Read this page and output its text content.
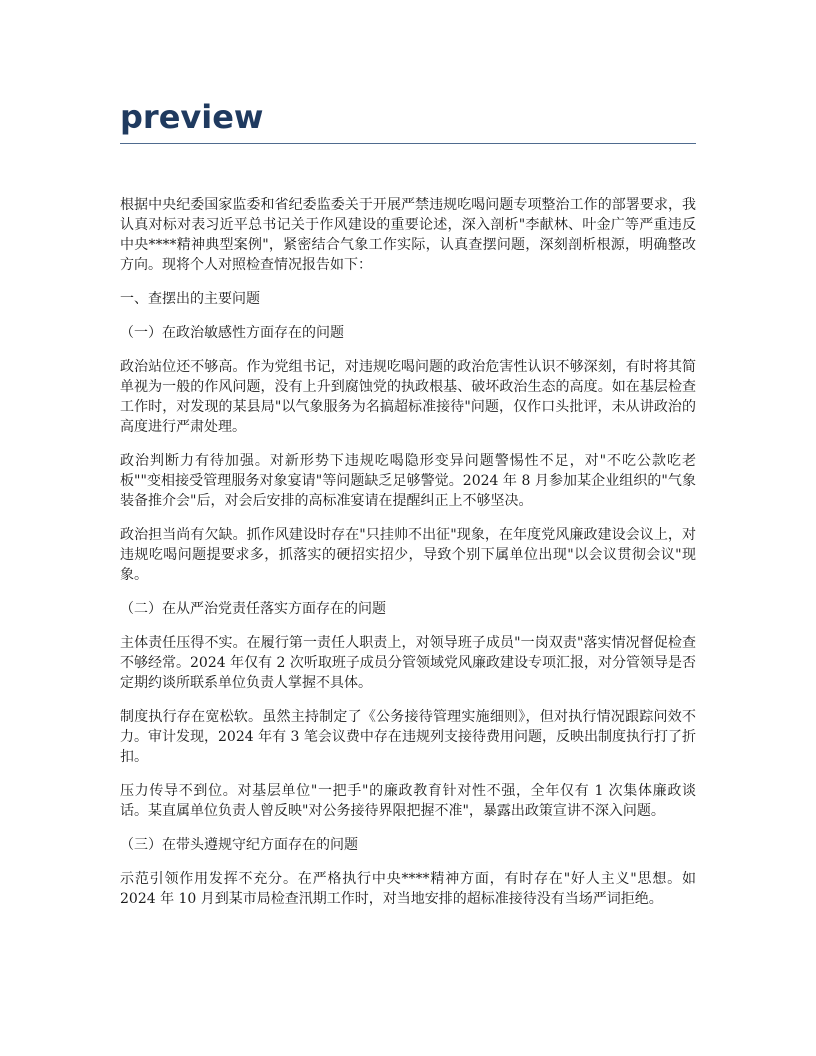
preview

根据中央纪委国家监委和省纪委监委关于开展严禁违规吃喝问题专项整治工作的部署要求，我认真对标对表习近平总书记关于作风建设的重要论述，深入剖析"李献林、叶金广等严重违反中央****精神典型案例"，紧密结合气象工作实际，认真查摆问题，深刻剖析根源，明确整改方向。现将个人对照检查情况报告如下：

一、查摆出的主要问题

（一）在政治敏感性方面存在的问题

政治站位还不够高。作为党组书记，对违规吃喝问题的政治危害性认识不够深刻，有时将其简单视为一般的作风问题，没有上升到腐蚀党的执政根基、破坏政治生态的高度。如在基层检查工作时，对发现的某县局"以气象服务为名搞超标准接待"问题，仅作口头批评，未从讲政治的高度进行严肃处理。

政治判断力有待加强。对新形势下违规吃喝隐形变异问题警惕性不足，对"不吃公款吃老板""变相接受管理服务对象宴请"等问题缺乏足够警觉。2024 年 8 月参加某企业组织的"气象装备推介会"后，对会后安排的高标准宴请在提醒纠正上不够坚决。

政治担当尚有欠缺。抓作风建设时存在"只挂帅不出征"现象，在年度党风廉政建设会议上，对违规吃喝问题提要求多，抓落实的硬招实招少，导致个别下属单位出现"以会议贯彻会议"现象。

（二）在从严治党责任落实方面存在的问题

主体责任压得不实。在履行第一责任人职责上，对领导班子成员"一岗双责"落实情况督促检查不够经常。2024 年仅有 2 次听取班子成员分管领域党风廉政建设专项汇报，对分管领导是否定期约谈所联系单位负责人掌握不具体。

制度执行存在宽松软。虽然主持制定了《公务接待管理实施细则》，但对执行情况跟踪问效不力。审计发现，2024 年有 3 笔会议费中存在违规列支接待费用问题，反映出制度执行打了折扣。

压力传导不到位。对基层单位"一把手"的廉政教育针对性不强，全年仅有 1 次集体廉政谈话。某直属单位负责人曾反映"对公务接待界限把握不准"，暴露出政策宣讲不深入问题。

（三）在带头遵规守纪方面存在的问题

示范引领作用发挥不充分。在严格执行中央****精神方面，有时存在"好人主义"思想。如 2024 年 10 月到某市局检查汛期工作时，对当地安排的超标准接待没有当场严词拒绝。
